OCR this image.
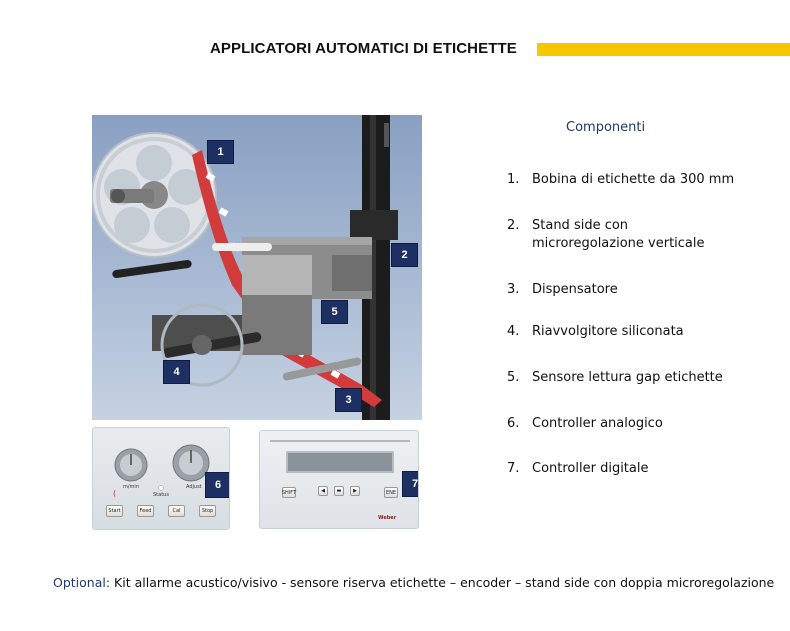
APPLICATORI AUTOMATICI DI ETICHETTE
1
2
5
4
3
(
m/min	Adjust
Status
Start	Feed	Cal	Stop
6
SHIFT	◀	▬	▶	ENE
Weber
7
Componenti
1. Bobina di etichette da 300 mm
2. Stand side con microregolazione verticale
3. Dispensatore
4. Riavvolgitore siliconata
5. Sensore lettura gap etichette
6. Controller analogico
7. Controller digitale
Optional: Kit allarme acustico/visivo - sensore riserva etichette – encoder – stand side con doppia microregolazione
